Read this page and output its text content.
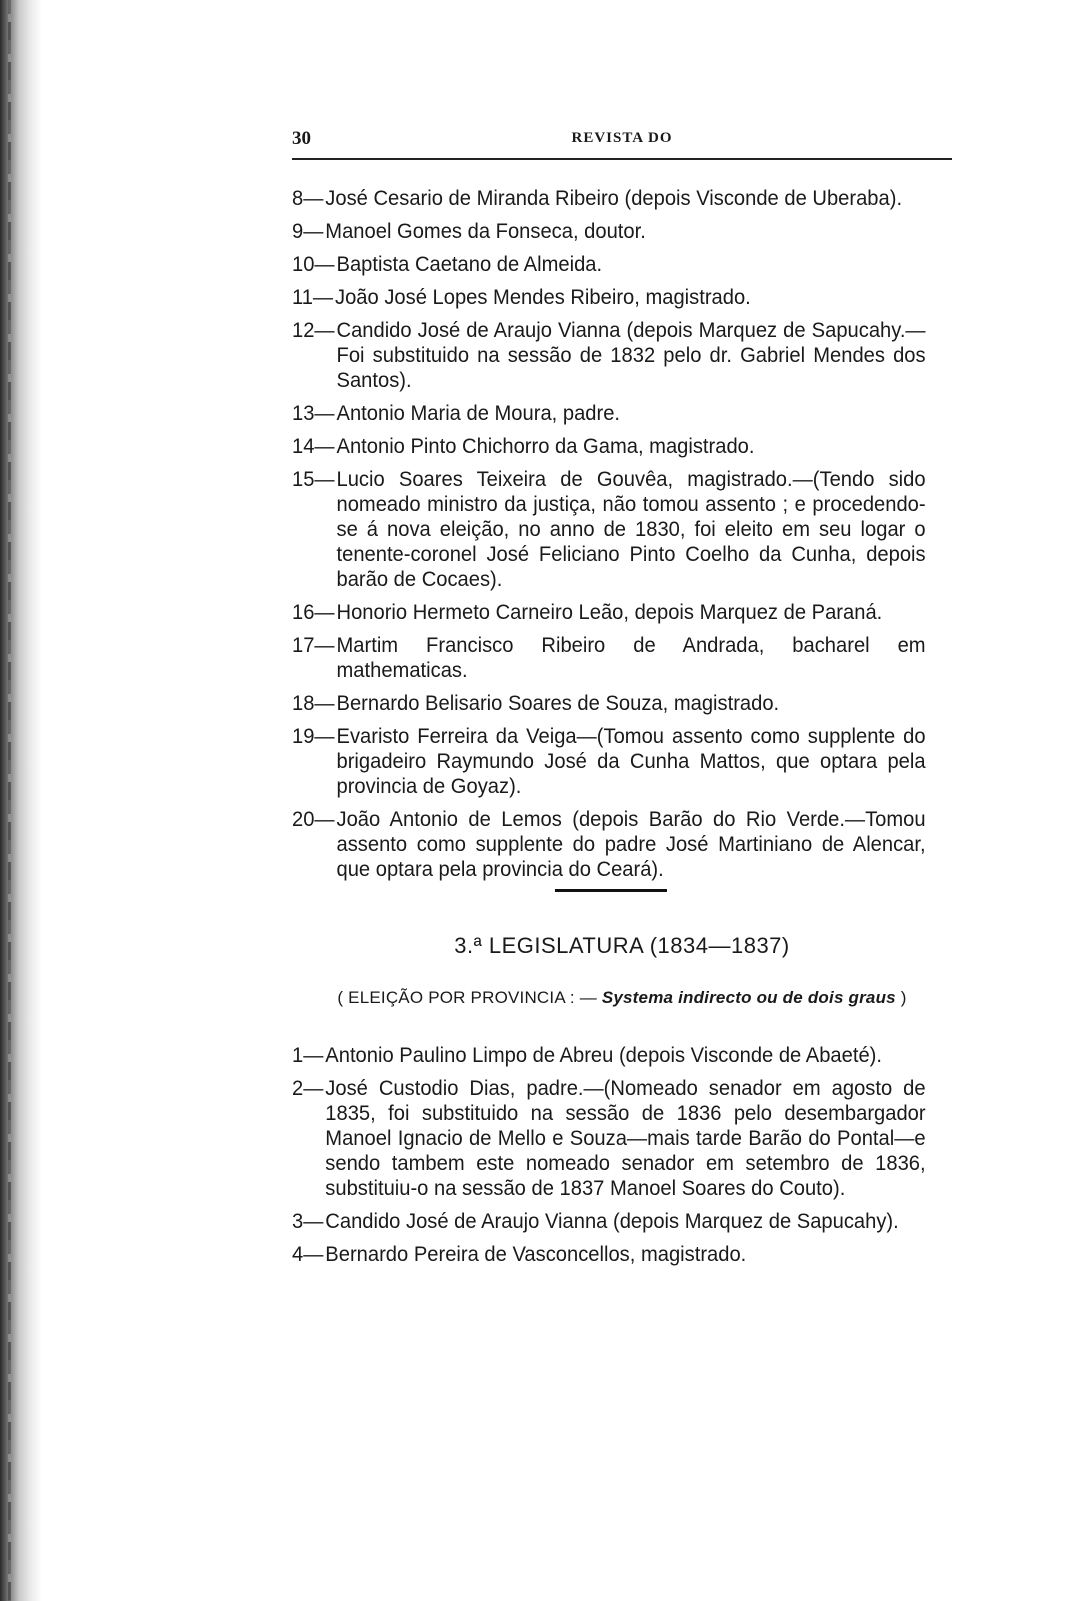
30	REVISTA DO
8— José Cesario de Miranda Ribeiro (depois Visconde de Uberaba).
9— Manoel Gomes da Fonseca, doutor.
10— Baptista Caetano de Almeida.
11— João José Lopes Mendes Ribeiro, magistrado.
12— Candido José de Araujo Vianna (depois Marquez de Sapucahy.—Foi substituido na sessão de 1832 pelo dr. Gabriel Mendes dos Santos).
13— Antonio Maria de Moura, padre.
14— Antonio Pinto Chichorro da Gama, magistrado.
15— Lucio Soares Teixeira de Gouvêa, magistrado.—(Tendo sido nomeado ministro da justiça, não tomou assento ; e procedendo-se á nova eleição, no anno de 1830, foi eleito em seu logar o tenente-coronel José Feliciano Pinto Coelho da Cunha, depois barão de Cocaes).
16— Honorio Hermeto Carneiro Leão, depois Marquez de Paraná.
17— Martim Francisco Ribeiro de Andrada, bacharel em mathematicas.
18— Bernardo Belisario Soares de Souza, magistrado.
19— Evaristo Ferreira da Veiga—(Tomou assento como supplente do brigadeiro Raymundo José da Cunha Mattos, que optara pela provincia de Goyaz).
20— João Antonio de Lemos (depois Barão do Rio Verde.—Tomou assento como supplente do padre José Martiniano de Alencar, que optara pela provincia do Ceará).
3.ª LEGISLATURA (1834—1837)
( ELEIÇÃO POR PROVINCIA : — Systema indirecto ou de dois graus )
1— Antonio Paulino Limpo de Abreu (depois Visconde de Abaeté).
2— José Custodio Dias, padre.—(Nomeado senador em agosto de 1835, foi substituido na sessão de 1836 pelo desembargador Manoel Ignacio de Mello e Souza—mais tarde Barão do Pontal—e sendo tambem este nomeado senador em setembro de 1836, substituiu-o na sessão de 1837 Manoel Soares do Couto).
3— Candido José de Araujo Vianna (depois Marquez de Sapucahy).
4— Bernardo Pereira de Vasconcellos, magistrado.
